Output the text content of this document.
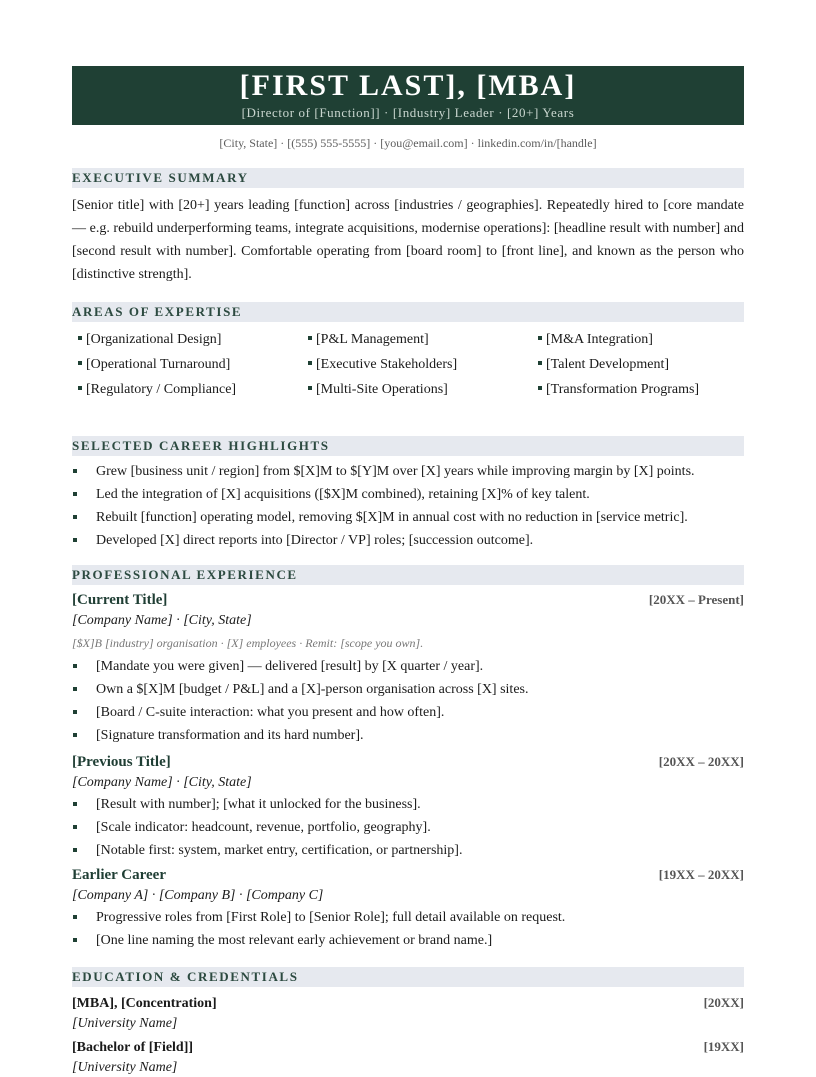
[FIRST LAST], [MBA]
[Director of [Function]] · [Industry] Leader · [20+] Years
[City, State] · [(555) 555-5555] · [you@email.com] · linkedin.com/in/[handle]
EXECUTIVE SUMMARY
[Senior title] with [20+] years leading [function] across [industries / geographies]. Repeatedly hired to [core mandate — e.g. rebuild underperforming teams, integrate acquisitions, modernise operations]: [headline result with number] and [second result with number]. Comfortable operating from [board room] to [front line], and known as the person who [distinctive strength].
AREAS OF EXPERTISE
[Organizational Design]	[P&L Management]	[M&A Integration]
[Operational Turnaround]	[Executive Stakeholders]	[Talent Development]
[Regulatory / Compliance]	[Multi-Site Operations]	[Transformation Programs]
SELECTED CAREER HIGHLIGHTS
Grew [business unit / region] from $[X]M to $[Y]M over [X] years while improving margin by [X] points.
Led the integration of [X] acquisitions ([$X]M combined), retaining [X]% of key talent.
Rebuilt [function] operating model, removing $[X]M in annual cost with no reduction in [service metric].
Developed [X] direct reports into [Director / VP] roles; [succession outcome].
PROFESSIONAL EXPERIENCE
[Current Title]	[20XX – Present]
[Company Name] · [City, State]
[$X]B [industry] organisation · [X] employees · Remit: [scope you own].
[Mandate you were given] — delivered [result] by [X quarter / year].
Own a $[X]M [budget / P&L] and a [X]-person organisation across [X] sites.
[Board / C-suite interaction: what you present and how often].
[Signature transformation and its hard number].
[Previous Title]	[20XX – 20XX]
[Company Name] · [City, State]
[Result with number]; [what it unlocked for the business].
[Scale indicator: headcount, revenue, portfolio, geography].
[Notable first: system, market entry, certification, or partnership].
Earlier Career	[19XX – 20XX]
[Company A] · [Company B] · [Company C]
Progressive roles from [First Role] to [Senior Role]; full detail available on request.
[One line naming the most relevant early achievement or brand name.]
EDUCATION & CREDENTIALS
[MBA], [Concentration]	[20XX]
[University Name]
[Bachelor of [Field]]	[19XX]
[University Name]
